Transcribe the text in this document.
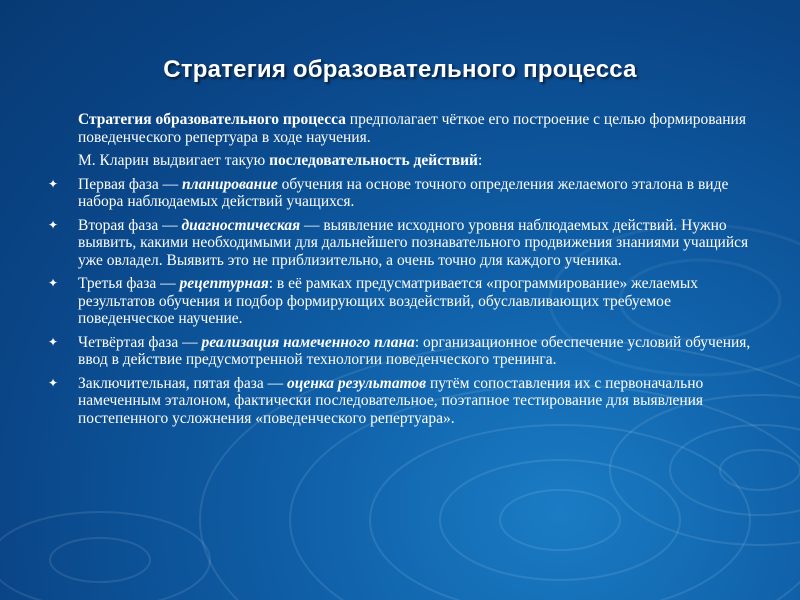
Стратегия образовательного процесса
Стратегия образовательного процесса предполагает чёткое его построение с целью формирования поведенческого репертуара в ходе научения.
М. Кларин выдвигает такую последовательность действий:
✦ Первая фаза — планирование обучения на основе точного определения желаемого эталона в виде набора наблюдаемых действий учащихся.
✦ Вторая фаза — диагностическая — выявление исходного уровня наблюдаемых действий. Нужно выявить, какими необходимыми для дальнейшего познавательного продвижения знаниями учащийся уже овладел. Выявить это не приблизительно, а очень точно для каждого ученика.
✦ Третья фаза — рецептурная: в её рамках предусматривается «программирование» желаемых результатов обучения и подбор формирующих воздействий, обуславливающих требуемое поведенческое научение.
✦ Четвёртая фаза — реализация намеченного плана: организационное обеспечение условий обучения, ввод в действие предусмотренной технологии поведенческого тренинга.
✦ Заключительная, пятая фаза — оценка результатов путём сопоставления их с первоначально намеченным эталоном, фактически последовательное, поэтапное тестирование для выявления постепенного усложнения «поведенческого репертуара».
